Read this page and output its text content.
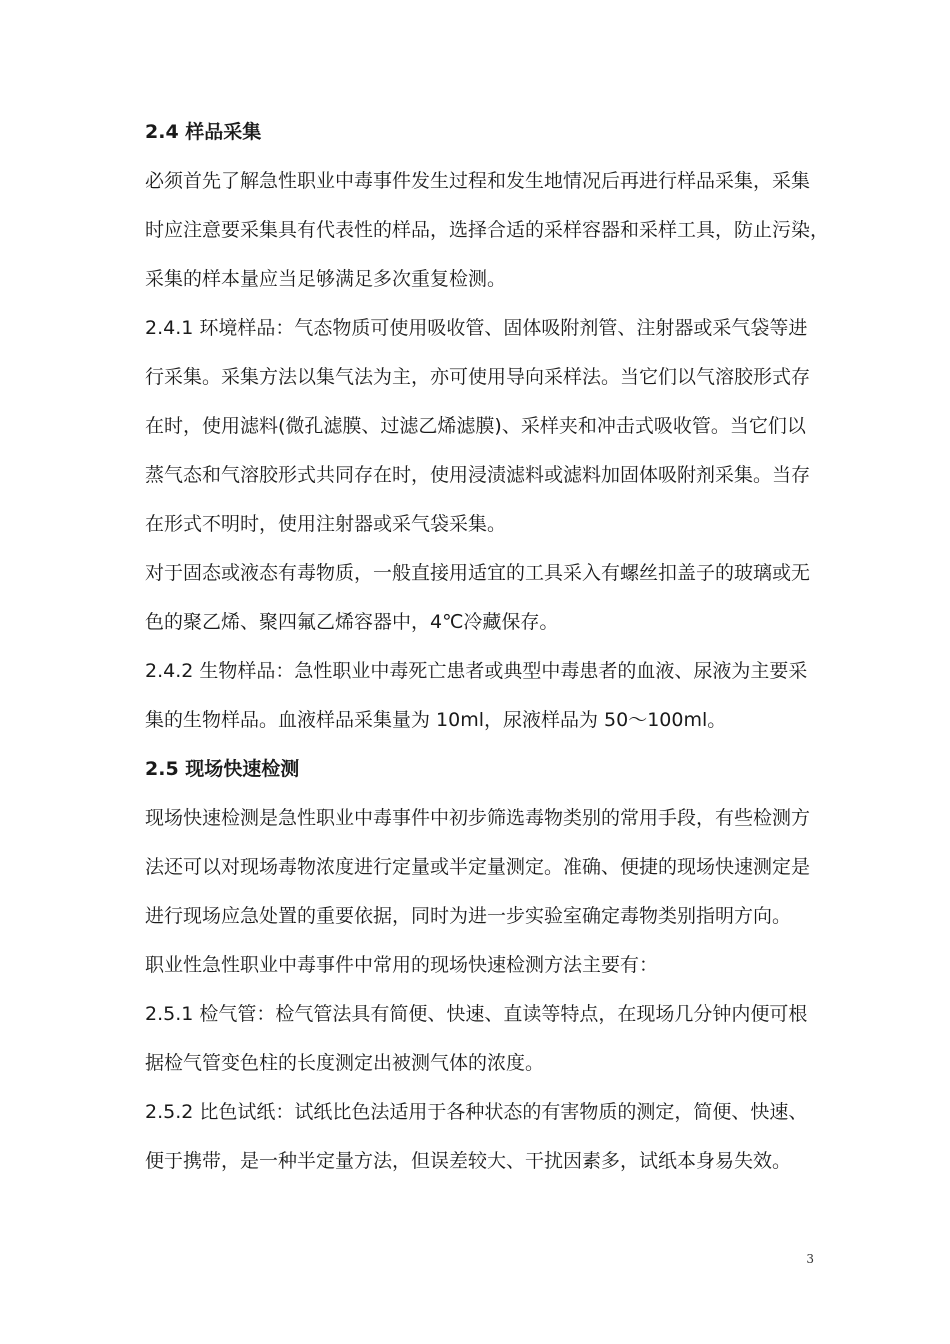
2.4 样品采集
必须首先了解急性职业中毒事件发生过程和发生地情况后再进行样品采集，采集
时应注意要采集具有代表性的样品，选择合适的采样容器和采样工具，防止污染，
采集的样本量应当足够满足多次重复检测。
2.4.1 环境样品：气态物质可使用吸收管、固体吸附剂管、注射器或采气袋等进
行采集。采集方法以集气法为主，亦可使用导向采样法。当它们以气溶胶形式存
在时，使用滤料(微孔滤膜、过滤乙烯滤膜)、采样夹和冲击式吸收管。当它们以
蒸气态和气溶胶形式共同存在时，使用浸渍滤料或滤料加固体吸附剂采集。当存
在形式不明时，使用注射器或采气袋采集。
对于固态或液态有毒物质，一般直接用适宜的工具采入有螺丝扣盖子的玻璃或无
色的聚乙烯、聚四氟乙烯容器中，4℃冷藏保存。
2.4.2 生物样品：急性职业中毒死亡患者或典型中毒患者的血液、尿液为主要采
集的生物样品。血液样品采集量为 10ml，尿液样品为 50～100ml。
2.5 现场快速检测
现场快速检测是急性职业中毒事件中初步筛选毒物类别的常用手段，有些检测方
法还可以对现场毒物浓度进行定量或半定量测定。准确、便捷的现场快速测定是
进行现场应急处置的重要依据，同时为进一步实验室确定毒物类别指明方向。
职业性急性职业中毒事件中常用的现场快速检测方法主要有：
2.5.1 检气管：检气管法具有简便、快速、直读等特点，在现场几分钟内便可根
据检气管变色柱的长度测定出被测气体的浓度。
2.5.2 比色试纸：试纸比色法适用于各种状态的有害物质的测定，简便、快速、
便于携带，是一种半定量方法，但误差较大、干扰因素多，试纸本身易失效。
3
